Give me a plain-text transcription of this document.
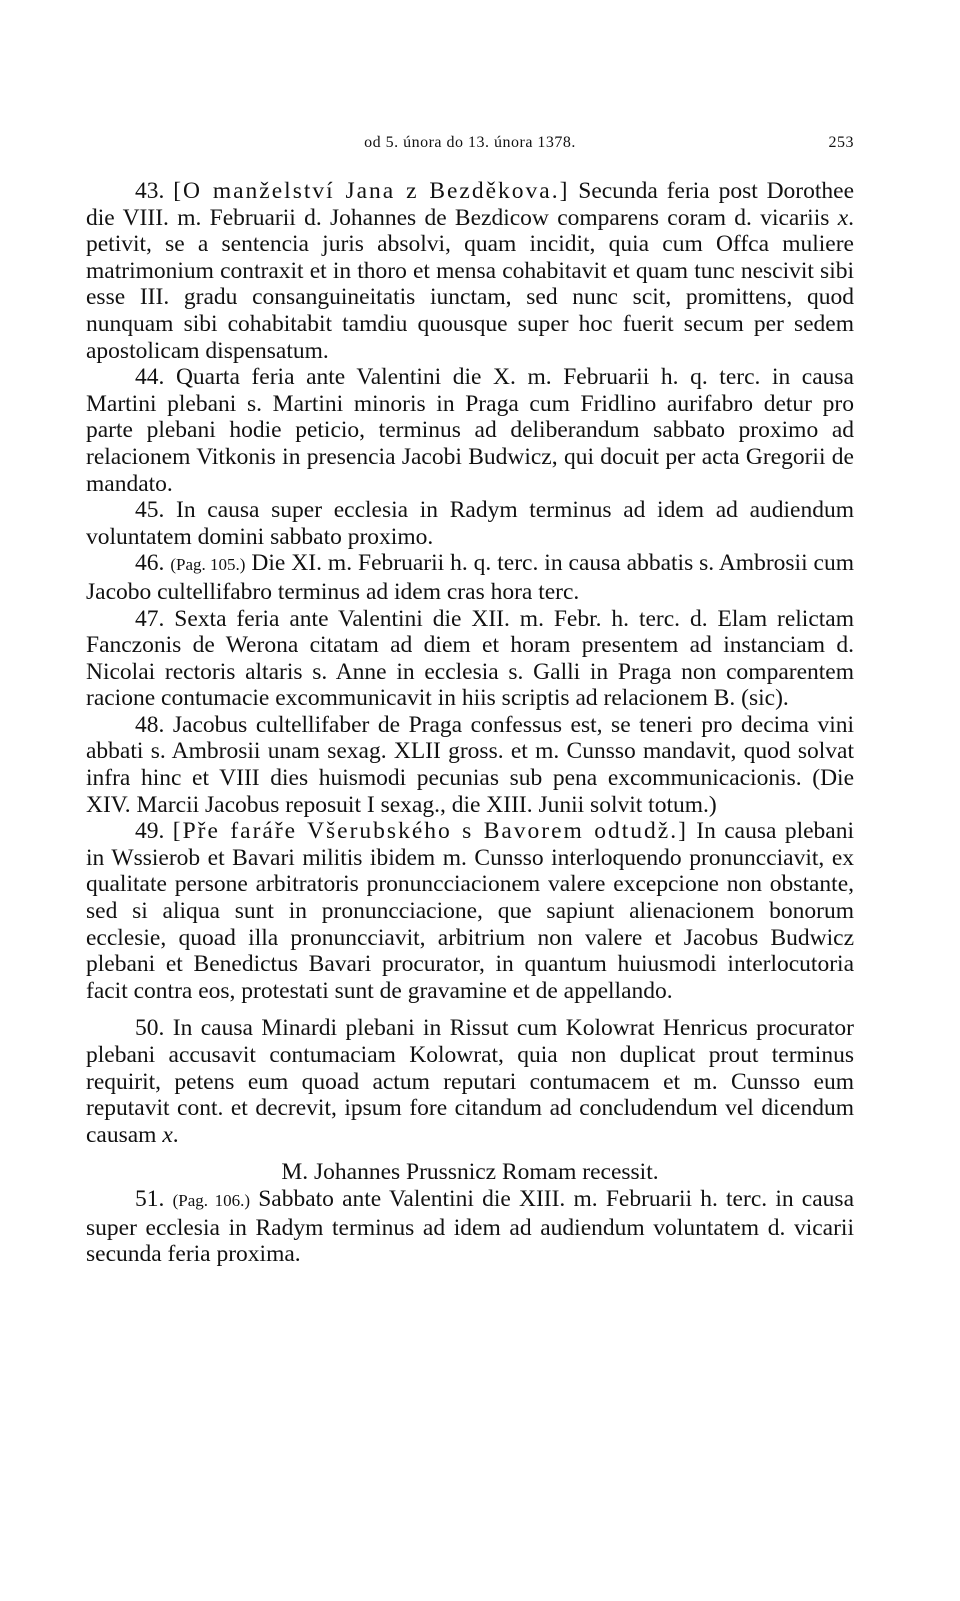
od 5. února do 13. února 1378.	253

43. [O manželství Jana z Bezděkova.] Secunda feria post Dorothee die VIII. m. Februarii d. Johannes de Bezdicow comparens coram d. vicariis x. petivit, se a sentencia juris absolvi, quam incidit, quia cum Offca muliere matrimonium contraxit et in thoro et mensa cohabitavit et quam tunc nescivit sibi esse III. gradu consanguineitatis iunctam, sed nunc scit, promittens, quod nunquam sibi cohabitabit tamdiu quousque super hoc fuerit secum per sedem apostolicam dispensatum.

44. Quarta feria ante Valentini die X. m. Februarii h. q. terc. in causa Martini plebani s. Martini minoris in Praga cum Fridlino aurifabro detur pro parte plebani hodie peticio, terminus ad deliberandum sabbato proximo ad relacionem Vitkonis in presencia Jacobi Budwicz, qui docuit per acta Gregorii de mandato.

45. In causa super ecclesia in Radym terminus ad idem ad audiendum voluntatem domini sabbato proximo.

46. (Pag. 105.) Die XI. m. Februarii h. q. terc. in causa abbatis s. Ambrosii cum Jacobo cultellifabro terminus ad idem cras hora terc.

47. Sexta feria ante Valentini die XII. m. Febr. h. terc. d. Elam relictam Fanczonis de Werona citatam ad diem et horam presentem ad instanciam d. Nicolai rectoris altaris s. Anne in ecclesia s. Galli in Praga non comparentem racione contumacie excommunicavit in hiis scriptis ad relacionem B. (sic).

48. Jacobus cultellifaber de Praga confessus est, se teneri pro decima vini abbati s. Ambrosii unam sexag. XLII gross. et m. Cunsso mandavit, quod solvat infra hinc et VIII dies huismodi pecunias sub pena excommunicacionis. (Die XIV. Marcii Jacobus reposuit I sexag., die XIII. Junii solvit totum.)

49. [Pře faráře Všerubského s Bavorem odtudž.] In causa plebani in Wssierob et Bavari militis ibidem m. Cunsso interloquendo pronuncciavit, ex qualitate persone arbitratoris pronuncciacionem valere excepcione non obstante, sed si aliqua sunt in pronuncciacione, que sapiunt alienacionem bonorum ecclesie, quoad illa pronuncciavit, arbitrium non valere et Jacobus Budwicz plebani et Benedictus Bavari procurator, in quantum huiusmodi interlocutoria facit contra eos, protestati sunt de gravamine et de appellando.

50. In causa Minardi plebani in Rissut cum Kolowrat Henricus procurator plebani accusavit contumaciam Kolowrat, quia non duplicat prout terminus requirit, petens eum quoad actum reputari contumacem et m. Cunsso eum reputavit cont. et decrevit, ipsum fore citandum ad concludendum vel dicendum causam x.

M. Johannes Prussnicz Romam recessit.

51. (Pag. 106.) Sabbato ante Valentini die XIII. m. Februarii h. terc. in causa super ecclesia in Radym terminus ad idem ad audiendum voluntatem d. vicarii secunda feria proxima.
